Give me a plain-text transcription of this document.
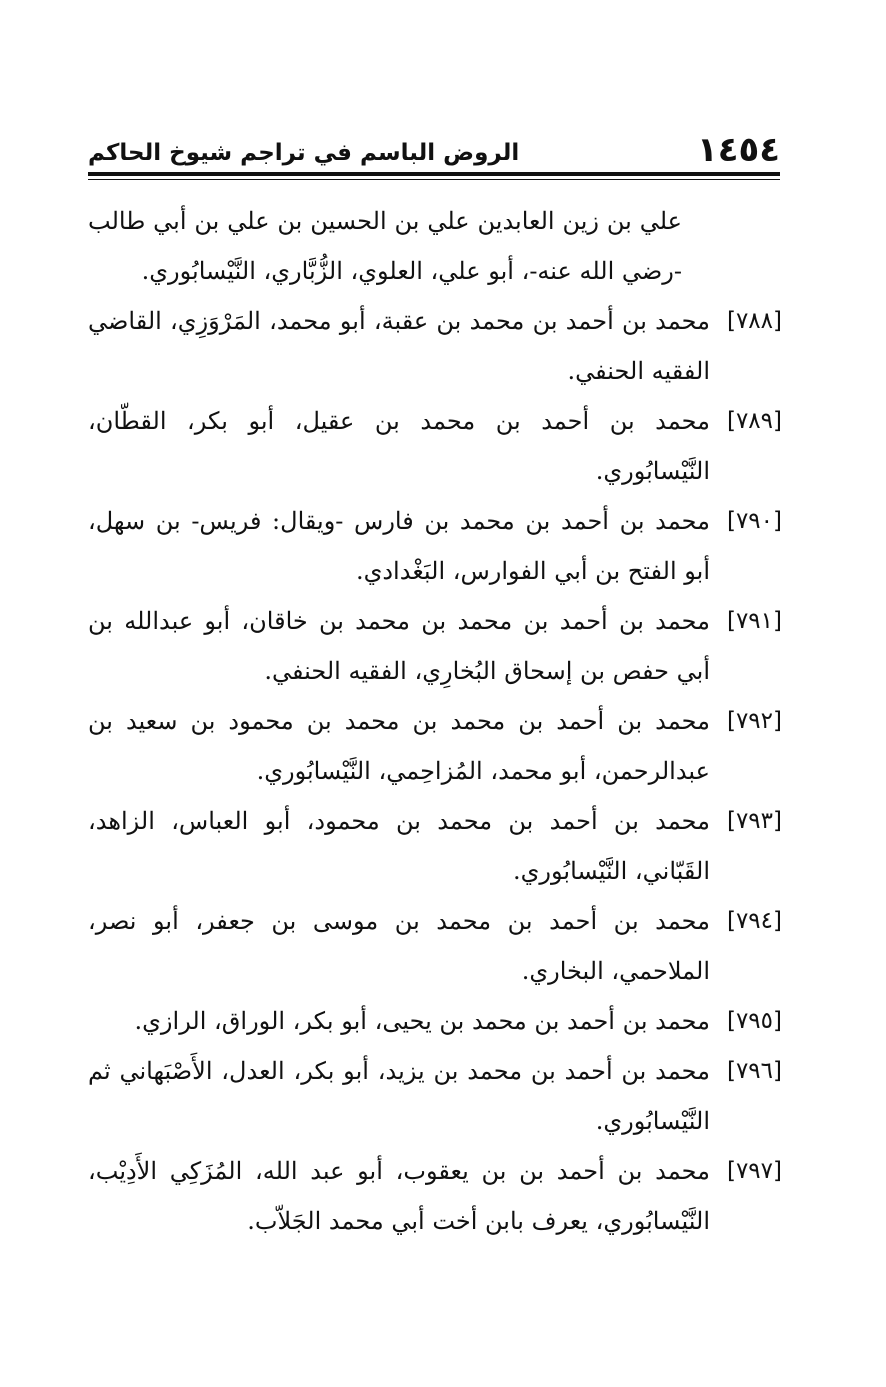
١٤٥٤
الروض الباسم في تراجم شيوخ الحاكم
علي بن زين العابدين علي بن الحسين بن علي بن أبي طالب -رضي الله عنه-، أبو علي، العلوي، الزُّبَّاري، النَّيْسابُوري.
[٧٨٨]
محمد بن أحمد بن محمد بن عقبة، أبو محمد، المَرْوَزِي، القاضي الفقيه الحنفي.
[٧٨٩]
محمد بن أحمد بن محمد بن عقيل، أبو بكر، القطّان، النَّيْسابُوري.
[٧٩٠]
محمد بن أحمد بن محمد بن فارس -ويقال: فريس- بن سهل، أبو الفتح بن أبي الفوارس، البَغْدادي.
[٧٩١]
محمد بن أحمد بن محمد بن محمد بن خاقان، أبو عبدالله بن أبي حفص بن إسحاق البُخارِي، الفقيه الحنفي.
[٧٩٢]
محمد بن أحمد بن محمد بن محمد بن محمود بن سعيد بن عبدالرحمن، أبو محمد، المُزاحِمي، النَّيْسابُوري.
[٧٩٣]
محمد بن أحمد بن محمد بن محمود، أبو العباس، الزاهد، القَبّاني، النَّيْسابُوري.
[٧٩٤]
محمد بن أحمد بن محمد بن موسى بن جعفر، أبو نصر، الملاحمي، البخاري.
[٧٩٥]
محمد بن أحمد بن محمد بن يحيى، أبو بكر، الوراق، الرازي.
[٧٩٦]
محمد بن أحمد بن محمد بن يزيد، أبو بكر، العدل، الأَصْبَهاني ثم النَّيْسابُوري.
[٧٩٧]
محمد بن أحمد بن بن يعقوب، أبو عبد الله، المُزَكِي الأَدِيْب، النَّيْسابُوري، يعرف بابن أخت أبي محمد الجَلاّب.
